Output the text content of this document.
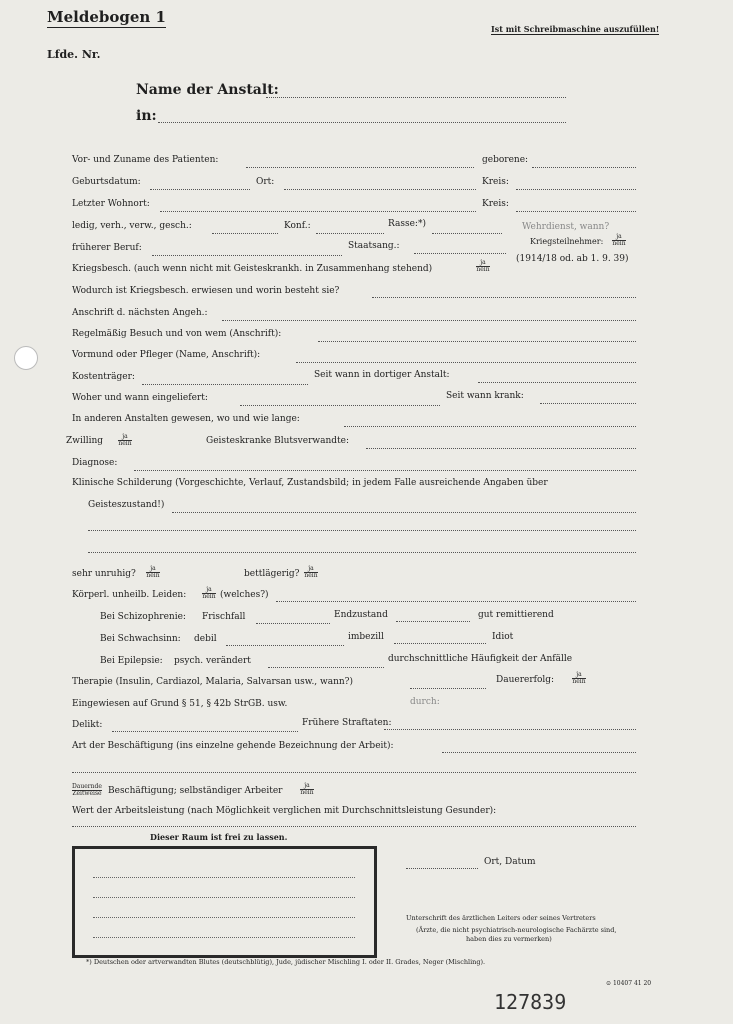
Meldebogen 1
Ist mit Schreibmaschine auszufüllen!
Lfde. Nr.
Name der Anstalt:
in:
Vor- und Zuname des Patienten:	geborene:
Geburtsdatum:	Ort:	Kreis:
Letzter Wohnort:	Kreis:
ledig, verh., verw., gesch.:	Konf.:	Rasse:*)	Wehrdienst, wann?
früherer Beruf:	Staatsang.:	Kriegsteilnehmer:
ja
nein
Kriegsbesch. (auch wenn nicht mit Geisteskrankh. in Zusammenhang stehend)
ja
nein
(1914/18 od. ab 1. 9. 39)
Wodurch ist Kriegsbesch. erwiesen und worin besteht sie?
Anschrift d. nächsten Angeh.:
Regelmäßig Besuch und von wem (Anschrift):
Vormund oder Pfleger (Name, Anschrift):
Kostenträger:	Seit wann in dortiger Anstalt:
Woher und wann eingeliefert:	Seit wann krank:
In anderen Anstalten gewesen, wo und wie lange:
Zwilling	ja
nein	Geisteskranke Blutsverwandte:
Diagnose:
Klinische Schilderung (Vorgeschichte, Verlauf, Zustandsbild; in jedem Falle ausreichende Angaben über
Geisteszustand!)
sehr unruhig?
ja
nein	bettlägerig?
ja
nein
Körperl. unheilb. Leiden:
ja
nein (welches?)
Bei Schizophrenie: Frischfall	Endzustand	gut remittierend
Bei Schwachsinn: debil	imbezill	Idiot
Bei Epilepsie: psych. verändert	durchschnittliche Häufigkeit der Anfälle
Therapie (Insulin, Cardiazol, Malaria, Salvarsan usw., wann?)	Dauererfolg:
ja
nein
Eingewiesen auf Grund § 51, § 42b StrGB. usw.	durch:
Delikt:	Frühere Straftaten:
Art der Beschäftigung (ins einzelne gehende Bezeichnung der Arbeit):
Dauernde
Zeitweise Beschäftigung; selbständiger Arbeiter
ja
nein
Wert der Arbeitsleistung (nach Möglichkeit verglichen mit Durchschnittsleistung Gesunder):
Dieser Raum ist frei zu lassen.
Ort, Datum
Unterschrift des ärztlichen Leiters oder seines Vertreters
(Ärzte, die nicht psychiatrisch-neurologische Fachärzte sind,
haben dies zu vermerken)
*) Deutschen oder artverwandten Blutes (deutschblütig), Jude, jüdischer Mischling I. oder II. Grades, Neger (Mischling).
⊙ 10407 41 20
127839
